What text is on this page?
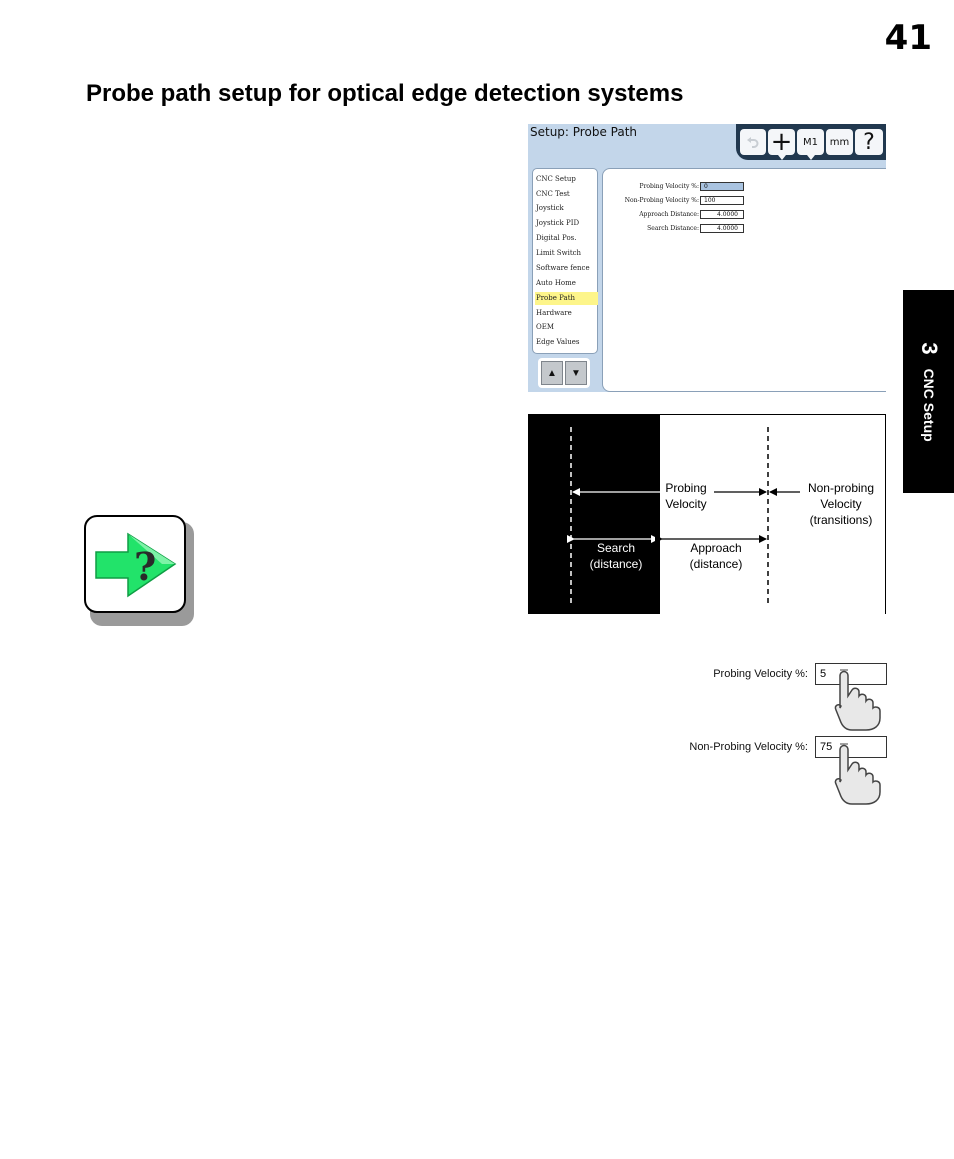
41
Probe path setup for optical edge detection systems
3
CNC Setup
Setup: Probe Path	+ M1 mm ?
CNC Setup
CNC Test
Joystick
Joystick PID
Digital Pos.
Limit Switch
Software fence
Auto Home
Probe Path
Hardware
OEM
Edge Values
▲ ▼
Probing Velocity %: 0
Non-Probing Velocity %: 100
Approach Distance:	4.0000
Search Distance:	4.0000
Probing
Velocity
Non-probing
Velocity
(transitions)
Search
(distance)
Approach
(distance)
?
Probing Velocity %:	5
Non-Probing Velocity %:	75
